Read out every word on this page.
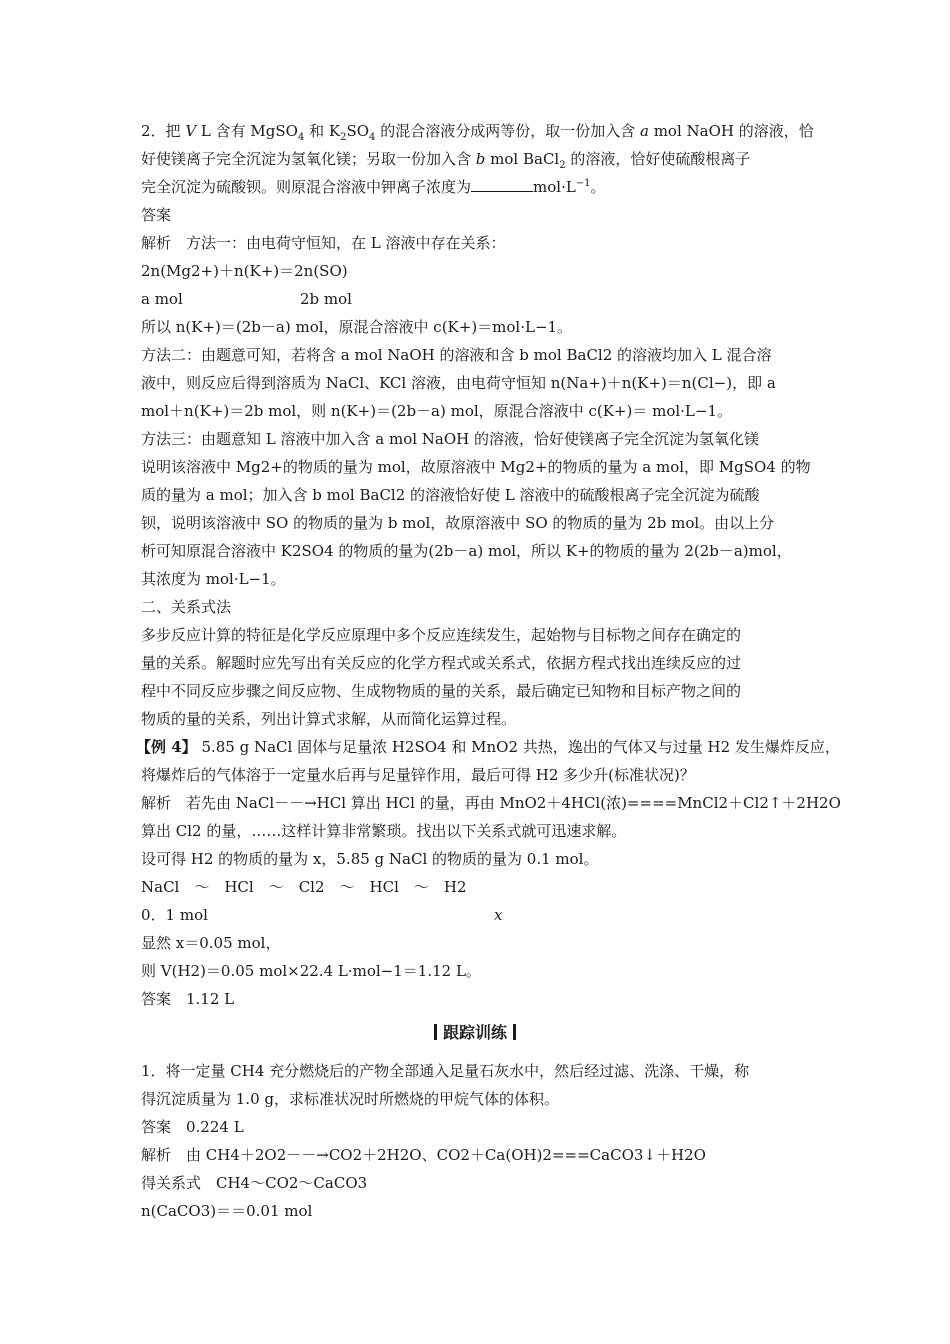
2．把 V L 含有 MgSO$_4$ 和 $K_2SO_4$ 的混合溶液分成两等份，取一份加入含 a mol NaOH 的溶液，恰
好使镁离子完全沉淀为氢氧化镁；另取一份加入含 b mol BaCl$_2$ 的溶液，恰好使硫酸根离子
完全沉淀为硫酸钡。则原混合溶液中钾离子浓度为	$mol\cdot L^{-1}$。
答案
解析　方法一：由电荷守恒知，在 L 溶液中存在关系：
2n(Mg2+)＋n(K+)＝2n(SO)
a mol	2b mol
所以 n(K+)＝(2b－a) mol，原混合溶液中 c(K+)＝mol·L−1。
方法二：由题意可知，若将含 a mol NaOH 的溶液和含 b mol BaCl2 的溶液均加入 L 混合溶
液中，则反应后得到溶质为 NaCl、KCl 溶液，由电荷守恒知 n(Na+)＋n(K+)＝n(Cl−)，即 a
mol＋n(K+)＝2b mol，则 n(K+)＝(2b－a) mol，原混合溶液中 c(K+)＝ mol·L−1。
方法三：由题意知 L 溶液中加入含 a mol NaOH 的溶液，恰好使镁离子完全沉淀为氢氧化镁
说明该溶液中 Mg2+的物质的量为 mol，故原溶液中 Mg2+的物质的量为 a mol，即 MgSO4 的物
质的量为 a mol；加入含 b mol BaCl2 的溶液恰好使 L 溶液中的硫酸根离子完全沉淀为硫酸
钡，说明该溶液中 SO 的物质的量为 b mol，故原溶液中 SO 的物质的量为 2b mol。由以上分
析可知原混合溶液中 K2SO4 的物质的量为(2b－a) mol，所以 K+的物质的量为 2(2b－a)mol，
其浓度为 mol·L−1。
二、关系式法
多步反应计算的特征是化学反应原理中多个反应连续发生，起始物与目标物之间存在确定的
量的关系。解题时应先写出有关反应的化学方程式或关系式，依据方程式找出连续反应的过
程中不同反应步骤之间反应物、生成物物质的量的关系，最后确定已知物和目标产物之间的
物质的量的关系，列出计算式求解，从而简化运算过程。
【例 4】 5.85 g NaCl 固体与足量浓 H2SO4 和 MnO2 共热，逸出的气体又与过量 H2 发生爆炸反应，
将爆炸后的气体溶于一定量水后再与足量锌作用，最后可得 H2 多少升(标准状况)？
解析　若先由 NaCl－－→HCl 算出 HCl 的量，再由 MnO2＋4HCl(浓)====MnCl2＋Cl2↑＋2H2O
算出 Cl2 的量，……这样计算非常繁琐。找出以下关系式就可迅速求解。
设可得 H2 的物质的量为 x，5.85 g NaCl 的物质的量为 0.1 mol。
NaCl　～　HCl　～　Cl2　～　HCl　～　H2
0．1 mol	x
显然 x＝0.05 mol，
则 V(H2)＝0.05 mol×22.4 L·mol−1＝1.12 L。
答案　1.12 L
跟踪训练
1．将一定量 CH4 充分燃烧后的产物全部通入足量石灰水中，然后经过滤、洗涤、干燥，称
得沉淀质量为 1.0 g，求标准状况时所燃烧的甲烷气体的体积。
答案　0.224 L
解析　由 CH4＋2O2－－→CO2＋2H2O、CO2＋Ca(OH)2===CaCO3↓＋H2O
得关系式　CH4～CO2～CaCO3
n(CaCO3)＝＝0.01 mol
